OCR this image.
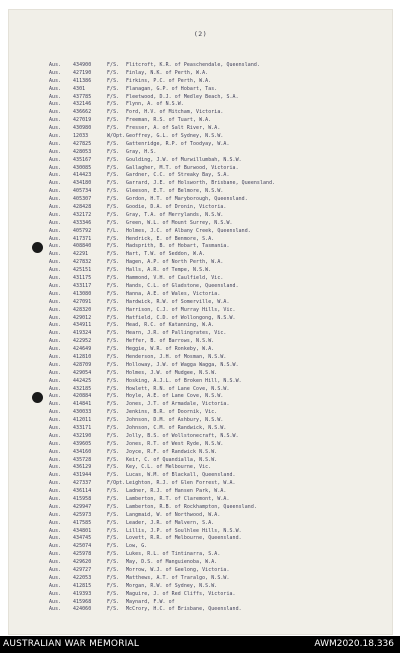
(2)
Aus.	434900	F/S.	Flitcroft, K.R. of Peaschendale, Queensland.
Aus.	427190	F/S.	Finlay, N.K. of Perth, W.A.
Aus.	411386	F/S.	Firkins, P.C. of Perth, W.A.
Aus.	4301	F/S.	Flanagan, G.P. of Hobart, Tas.
Aus.	437785	F/S.	Fleetwood, D.J. of Medley Beach, S.A.
Aus.	432146	F/S.	Flynn, A. of N.S.W.
Aus.	436662	F/S.	Ford, H.V. of Mitcham, Victoria.
Aus.	427019	F/S.	Freeman, R.S. of Tuart, W.A.
Aus.	430980	F/S.	Fresser, A. of Salt River, W.A.
Aus.	12033	W/Opt. Geoffrey, G.L. of Sydney, N.S.W.
Aus.	427825	F/S.	Gattenridge, R.P. of Toodyay, W.A.
Aus.	428053	F/S.	Gray, H.S.
Aus.	435167	F/S.	Goulding, J.W. of Murwillumbah, N.S.W.
Aus.	430085	F/S.	Gallagher, M.T. of Burwood, Victoria.
Aus.	414423	F/S.	Gardner, C.C. of Streaky Bay, S.A.
Aus.	434180	F/S.	Garrard, J.E. of Holsworth, Brisbane, Queensland.
Aus.	405734	F/S.	Gleeson, E.T. of Belmore, N.S.W.
Aus.	405307	F/S.	Gordon, H.T. of Maryborough, Queensland.
Aus.	428428	F/S.	Goodie, D.A. of Dronin, Victoria.
Aus.	432172	F/S.	Gray, T.A. of Merrylands, N.S.W.
Aus.	433346	F/S.	Green, W.L. of Mount Surrey, N.S.W.
Aus.	405792	F/L.	Holmes, J.C. of Albany Creek, Queensland.
Aus.	417371	F/S.	Hendrick, E. of Benmore, S.A.
Aus.	408840	F/S.	Hadsprith, B. of Hobart, Tasmania.
Aus.	42291	F/S.	Hart, T.W. of Seddon, W.A.
Aus.	427832	F/S.	Hagen, A.P. of North Perth, W.A.
Aus.	425151	F/S.	Halls, A.R. of Tempe, N.S.W.
Aus.	431175	F/S.	Hammond, V.H. of Caulfield, Vic.
Aus.	433117	F/S.	Hands, C.L. of Gladstone, Queensland.
Aus.	413080	F/S.	Hanna, A.E. of Wales, Victoria.
Aus.	427091	F/S.	Hardwick, R.W. of Somerville, W.A.
Aus.	428320	F/S.	Harrison, C.J. of Murray Hills, Vic.
Aus.	429012	F/S.	Hatfield, C.D. of Wollongong, N.S.W.
Aus.	434911	F/S.	Head, R.C. of Katanning, W.A.
Aus.	419324	F/S.	Hearn, J.R. of Pallingrates, Vic.
Aus.	422952	F/S.	Heffer, B. of Barrows, N.S.W.
Aus.	424649	F/S.	Heggie, W.R. of Ronkeby, W.A.
Aus.	412810	F/S.	Henderson, J.H. of Mosman, N.S.W.
Aus.	428709	F/S.	Holloway, J.W. of Wagga Wagga, N.S.W.
Aus.	429054	F/S.	Holmes, J.W. of Mudgee, N.S.W.
Aus.	442425	F/S.	Hosking, A.J.L. of Broken Hill, N.S.W.
Aus.	432185	F/S.	Howlett, R.N. of Lane Cove, N.S.W.
Aus.	420884	F/S.	Hoyle, A.E. of Lane Cove, N.S.W.
Aus.	414841	F/S.	Jones, J.T. of Armadale, Victoria.
Aus.	430033	F/S.	Jenkins, B.R. of Doornik, Vic.
Aus.	412011	F/S.	Johnson, D.M. of Ashbury, N.S.W.
Aus.	433171	F/S.	Johnson, C.M. of Randwick, N.S.W.
Aus.	432190	F/S.	Jolly, B.S. of Wollstonecraft, N.S.W.
Aus.	439605	F/S.	Jones, R.T. of West Ryde, N.S.W.
Aus.	434160	F/S.	Joyce, R.F. of Randwick N.S.W.
Aus.	435728	F/S.	Keir, C. of Quandialla, N.S.W.
Aus.	436129	F/S.	Key, C.L. of Melbourne, Vic.
Aus.	431944	F/S.	Lucas, W.M. of Blackall, Queensland.
Aus.	427337	F/Opt. Leighton, R.J. of Glen Forrest, W.A.
Aus.	436114	F/S.	Ladner, R.J. of Hansen Park, W.A.
Aus.	415958	F/S.	Lamberton, R.T. of Claremont, W.A.
Aus.	429947	F/S.	Lamberton, R.B. of Rockhampton, Queensland.
Aus.	425973	F/S.	Langmaid, W. of Northwood, W.A.
Aus.	417585	F/S.	Leader, J.R. of Malvern, S.A.
Aus.	434801	F/S.	Lillis, J.P. of Soulhlee Hills, N.S.W.
Aus.	434745	F/S.	Lovett, R.R. of Melbourne, Queensland.
Aus.	425074	F/S.	Low, G.
Aus.	425978	F/S.	Lukes, R.L. of Tintinarra, S.A.
Aus.	429620	F/S.	May, D.S. of Manguienoba, W.A.
Aus.	429727	F/S.	Morrow, W.J. of Geelong, Victoria.
Aus.	422053	F/S.	Matthews, A.T. of Traralgo, N.S.W.
Aus.	412815	F/S.	Morgan, R.W. of Sydney, N.S.W.
Aus.	419393	F/S.	Maguire, J. of Red Cliffs, Victoria.
Aus.	415968	F/S.	Maynard, F.W. of
Aus.	424060	F/S.	McCrory, H.C. of Brisbane, Queensland.
AUSTRALIAN WAR MEMORIAL	AWM2020.18.336
